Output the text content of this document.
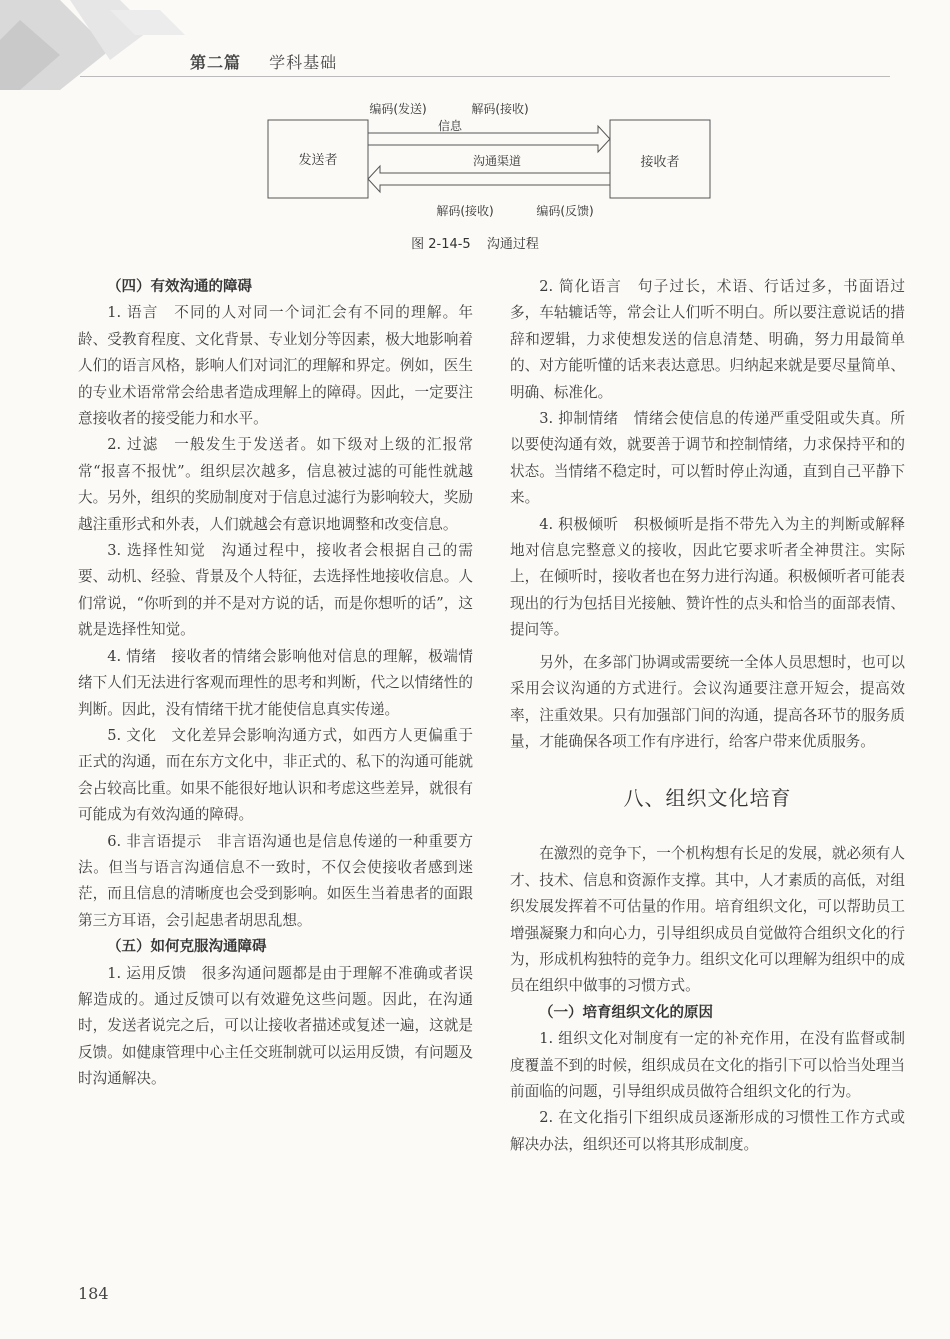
第二篇 学科基础
发送者	接收者
编码(发送)	解码(接收)
信息
沟通渠道
解码(接收)	编码(反馈)
图 2-14-5 沟通过程
（四）有效沟通的障碍

1. 语言　不同的人对同一个词汇会有不同的理解。年龄、受教育程度、文化背景、专业划分等因素，极大地影响着人们的语言风格，影响人们对词汇的理解和界定。例如，医生的专业术语常常会给患者造成理解上的障碍。因此，一定要注意接收者的接受能力和水平。

2. 过滤　一般发生于发送者。如下级对上级的汇报常常“报喜不报忧”。组织层次越多，信息被过滤的可能性就越大。另外，组织的奖励制度对于信息过滤行为影响较大，奖励越注重形式和外表，人们就越会有意识地调整和改变信息。

3. 选择性知觉　沟通过程中，接收者会根据自己的需要、动机、经验、背景及个人特征，去选择性地接收信息。人们常说，“你听到的并不是对方说的话，而是你想听的话”，这就是选择性知觉。

4. 情绪　接收者的情绪会影响他对信息的理解，极端情绪下人们无法进行客观而理性的思考和判断，代之以情绪性的判断。因此，没有情绪干扰才能使信息真实传递。

5. 文化　文化差异会影响沟通方式，如西方人更偏重于正式的沟通，而在东方文化中，非正式的、私下的沟通可能就会占较高比重。如果不能很好地认识和考虑这些差异，就很有可能成为有效沟通的障碍。

6. 非言语提示　非言语沟通也是信息传递的一种重要方法。但当与语言沟通信息不一致时，不仅会使接收者感到迷茫，而且信息的清晰度也会受到影响。如医生当着患者的面跟第三方耳语，会引起患者胡思乱想。

（五）如何克服沟通障碍

1. 运用反馈　很多沟通问题都是由于理解不准确或者误解造成的。通过反馈可以有效避免这些问题。因此，在沟通时，发送者说完之后，可以让接收者描述或复述一遍，这就是反馈。如健康管理中心主任交班制就可以运用反馈，有问题及时沟通解决。

2. 简化语言　句子过长，术语、行话过多，书面语过多，车轱辘话等，常会让人们听不明白。所以要注意说话的措辞和逻辑，力求使想发送的信息清楚、明确，努力用最简单的、对方能听懂的话来表达意思。归纳起来就是要尽量简单、明确、标准化。

3. 抑制情绪　情绪会使信息的传递严重受阻或失真。所以要使沟通有效，就要善于调节和控制情绪，力求保持平和的状态。当情绪不稳定时，可以暂时停止沟通，直到自己平静下来。

4. 积极倾听　积极倾听是指不带先入为主的判断或解释地对信息完整意义的接收，因此它要求听者全神贯注。实际上，在倾听时，接收者也在努力进行沟通。积极倾听者可能表现出的行为包括目光接触、赞许性的点头和恰当的面部表情、提问等。

另外，在多部门协调或需要统一全体人员思想时，也可以采用会议沟通的方式进行。会议沟通要注意开短会，提高效率，注重效果。只有加强部门间的沟通，提高各环节的服务质量，才能确保各项工作有序进行，给客户带来优质服务。

八、组织文化培育

在激烈的竞争下，一个机构想有长足的发展，就必须有人才、技术、信息和资源作支撑。其中，人才素质的高低，对组织发展发挥着不可估量的作用。培育组织文化，可以帮助员工增强凝聚力和向心力，引导组织成员自觉做符合组织文化的行为，形成机构独特的竞争力。组织文化可以理解为组织中的成员在组织中做事的习惯方式。

（一）培育组织文化的原因

1. 组织文化对制度有一定的补充作用，在没有监督或制度覆盖不到的时候，组织成员在文化的指引下可以恰当处理当前面临的问题，引导组织成员做符合组织文化的行为。

2. 在文化指引下组织成员逐渐形成的习惯性工作方式或解决办法，组织还可以将其形成制度。

184
